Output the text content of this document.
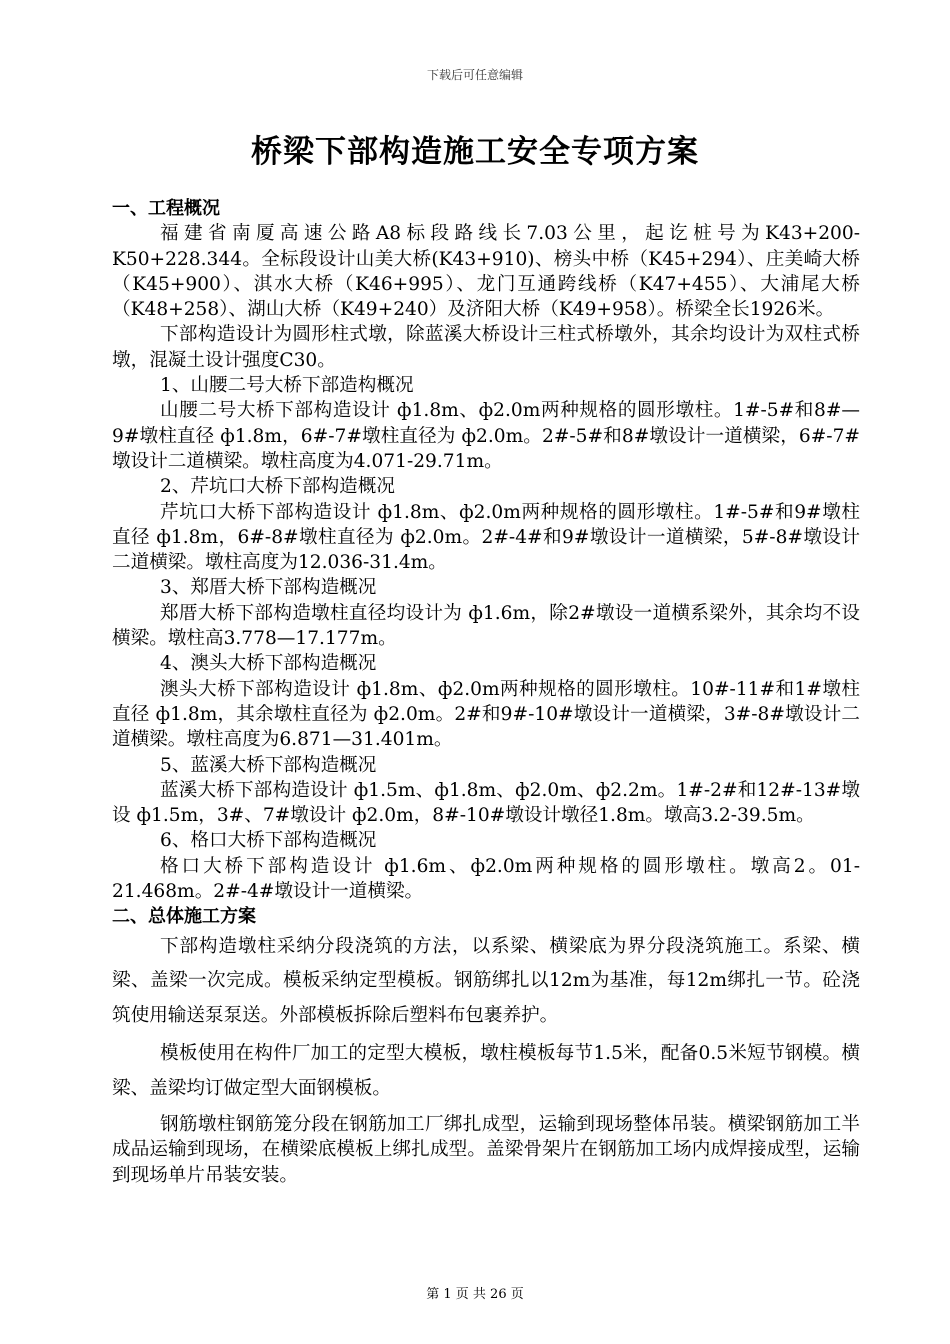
下载后可任意编辑
桥梁下部构造施工安全专项方案

一、工程概况

福建省南厦高速公路A8标段路线长7.03公里，起讫桩号为K43+200-K50+228.344。全标段设计山美大桥(K43+910)、榜头中桥（K45+294）、庄美崎大桥（K45+900）、淇水大桥（K46+995）、龙门互通跨线桥（K47+455）、大浦尾大桥（K48+258）、湖山大桥（K49+240）及济阳大桥（K49+958）。桥梁全长1926米。

下部构造设计为圆形柱式墩，除蓝溪大桥设计三柱式桥墩外，其余均设计为双柱式桥墩，混凝土设计强度C30。

1、山腰二号大桥下部造构概况

山腰二号大桥下部构造设计 ф1.8m、ф2.0m两种规格的圆形墩柱。1#-5#和8#—9#墩柱直径 ф1.8m，6#-7#墩柱直径为 ф2.0m。2#-5#和8#墩设计一道横梁，6#-7#墩设计二道横梁。墩柱高度为4.071-29.71m。

2、芹坑口大桥下部构造概况

芹坑口大桥下部构造设计 ф1.8m、ф2.0m两种规格的圆形墩柱。1#-5#和9#墩柱直径 ф1.8m，6#-8#墩柱直径为 ф2.0m。2#-4#和9#墩设计一道横梁，5#-8#墩设计二道横梁。墩柱高度为12.036-31.4m。

3、郑厝大桥下部构造概况

郑厝大桥下部构造墩柱直径均设计为 ф1.6m，除2#墩设一道横系梁外，其余均不设横梁。墩柱高3.778—17.177m。

4、澳头大桥下部构造概况

澳头大桥下部构造设计 ф1.8m、ф2.0m两种规格的圆形墩柱。10#-11#和1#墩柱直径 ф1.8m，其余墩柱直径为 ф2.0m。2#和9#-10#墩设计一道横梁，3#-8#墩设计二道横梁。墩柱高度为6.871—31.401m。

5、蓝溪大桥下部构造概况

蓝溪大桥下部构造设计 ф1.5m、ф1.8m、ф2.0m、ф2.2m。1#-2#和12#-13#墩设 ф1.5m，3#、7#墩设计 ф2.0m，8#-10#墩设计墩径1.8m。墩高3.2-39.5m。

6、格口大桥下部构造概况

格口大桥下部构造设计 ф1.6m、ф2.0m两种规格的圆形墩柱。墩高2。01-21.468m。2#-4#墩设计一道横梁。

二、总体施工方案

下部构造墩柱采纳分段浇筑的方法，以系梁、横梁底为界分段浇筑施工。系梁、横梁、盖梁一次完成。模板采纳定型模板。钢筋绑扎以12m为基准，每12m绑扎一节。砼浇筑使用输送泵泵送。外部模板拆除后塑料布包裹养护。

模板使用在构件厂加工的定型大模板，墩柱模板每节1.5米，配备0.5米短节钢模。横梁、盖梁均订做定型大面钢模板。

钢筋墩柱钢筋笼分段在钢筋加工厂绑扎成型，运输到现场整体吊装。横梁钢筋加工半成品运输到现场，在横梁底模板上绑扎成型。盖梁骨架片在钢筋加工场内成焊接成型，运输到现场单片吊装安装。

第 1 页 共 26 页
